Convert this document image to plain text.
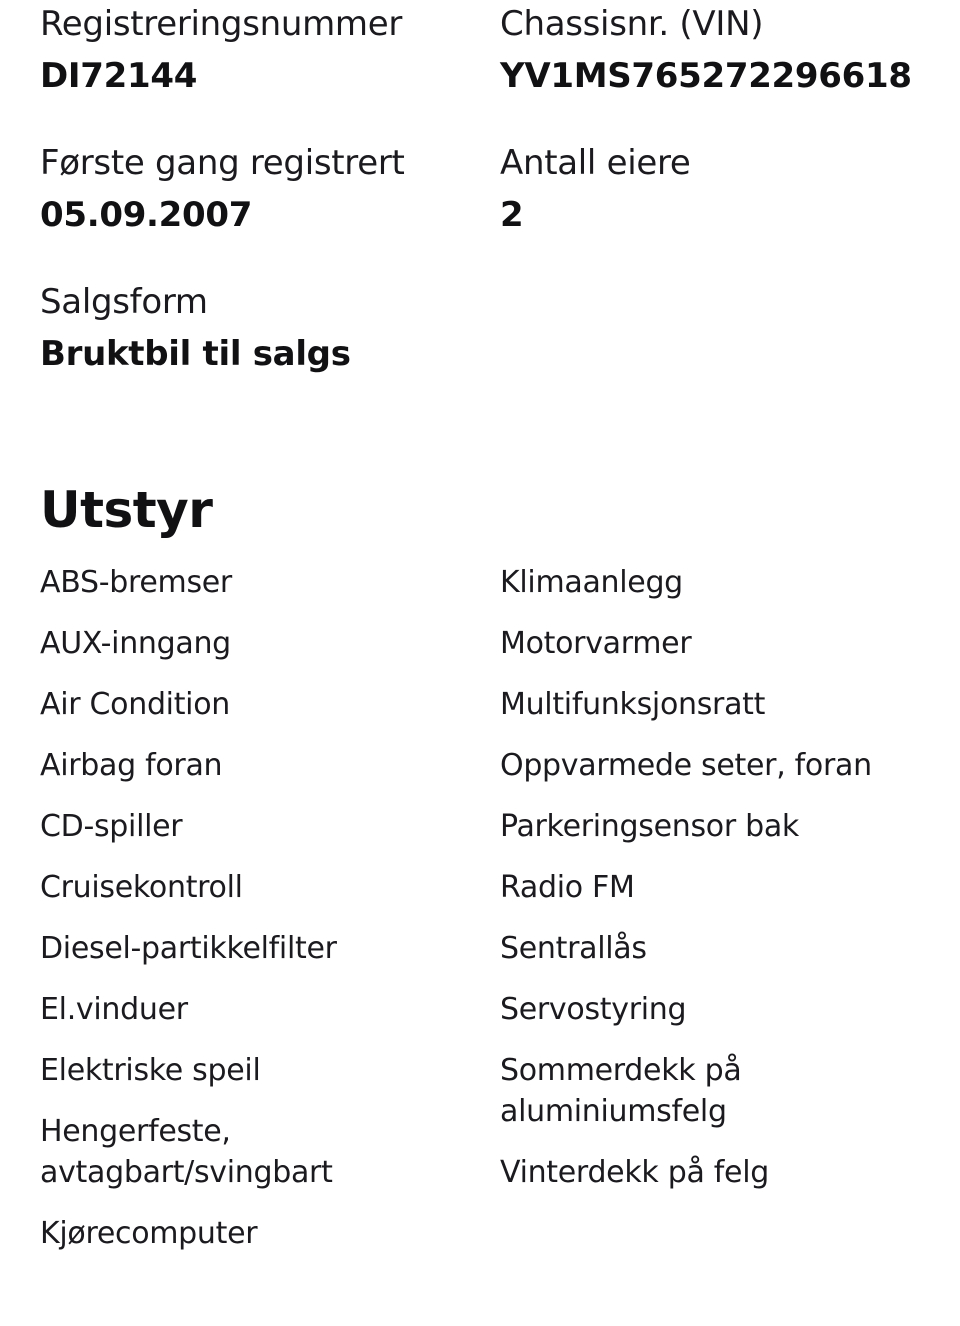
Registreringsnummer
DI72144
Chassisnr. (VIN)
YV1MS765272296618
Første gang registrert
05.09.2007
Antall eiere
2
Salgsform
Bruktbil til salgs
Utstyr
ABS-bremser
AUX-inngang
Air Condition
Airbag foran
CD-spiller
Cruisekontroll
Diesel-partikkelfilter
El.vinduer
Elektriske speil
Hengerfeste, avtagbart/svingbart
Kjørecomputer
Klimaanlegg
Motorvarmer
Multifunksjonsratt
Oppvarmede seter, foran
Parkeringsensor bak
Radio FM
Sentrallås
Servostyring
Sommerdekk på aluminiumsfelg
Vinterdekk på felg
